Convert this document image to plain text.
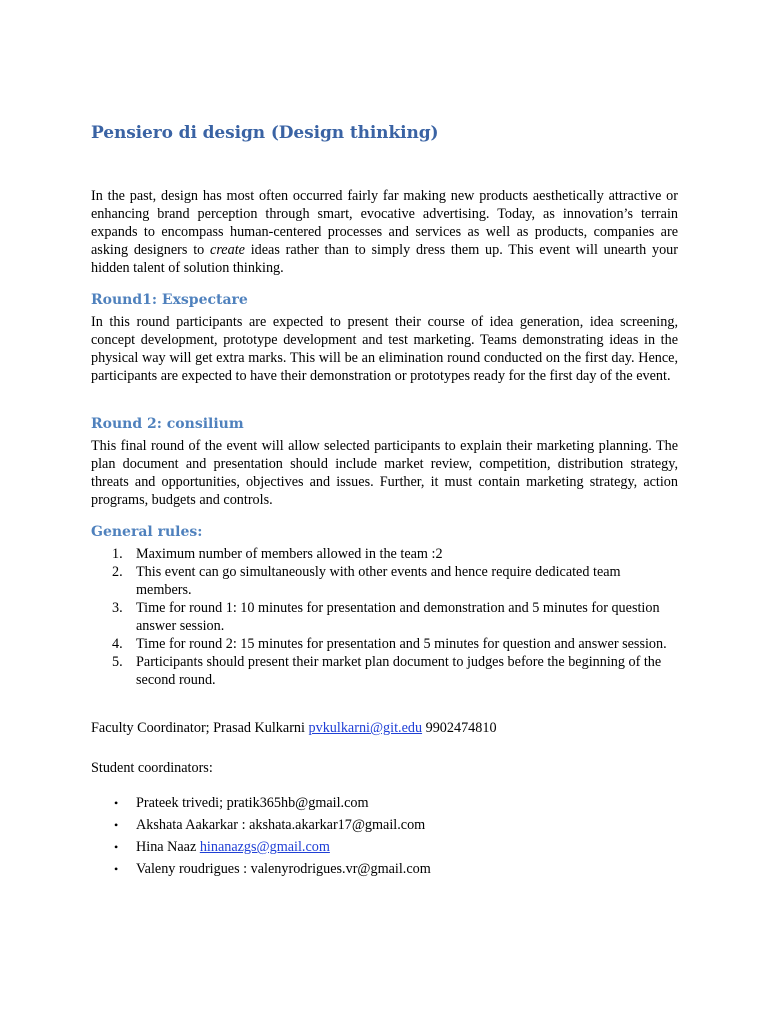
Pensiero di design (Design thinking)

In the past, design has most often occurred fairly far making new products aesthetically attractive or enhancing brand perception through smart, evocative advertising. Today, as innovation’s terrain expands to encompass human-centered processes and services as well as products, companies are asking designers to create ideas rather than to simply dress them up. This event will unearth your hidden talent of solution thinking.

Round1: Exspectare

In this round participants are expected to present their course of idea generation, idea screening, concept development, prototype development and test marketing. Teams demonstrating ideas in the physical way will get extra marks. This will be an elimination round conducted on the first day. Hence, participants are expected to have their demonstration or prototypes ready for the first day of the event.

Round 2: consilium

This final round of the event will allow selected participants to explain their marketing planning. The plan document and presentation should include market review, competition, distribution strategy, threats and opportunities, objectives and issues. Further, it must contain marketing strategy, action programs, budgets and controls.

General rules:
1. Maximum number of members allowed in the team :2
2. This event can go simultaneously with other events and hence require dedicated team members.
3. Time for round 1: 10 minutes for presentation and demonstration and 5 minutes for question answer session.
4. Time for round 2: 15 minutes for presentation and 5 minutes for question and answer session.
5. Participants should present their market plan document to judges before the beginning of the second round.

Faculty Coordinator; Prasad Kulkarni pvkulkarni@git.edu 9902474810

Student coordinators:

• Prateek trivedi; pratik365hb@gmail.com
• Akshata Aakarkar : akshata.akarkar17@gmail.com
• Hina Naaz hinanazgs@gmail.com
• Valeny roudrigues : valenyrodrigues.vr@gmail.com
